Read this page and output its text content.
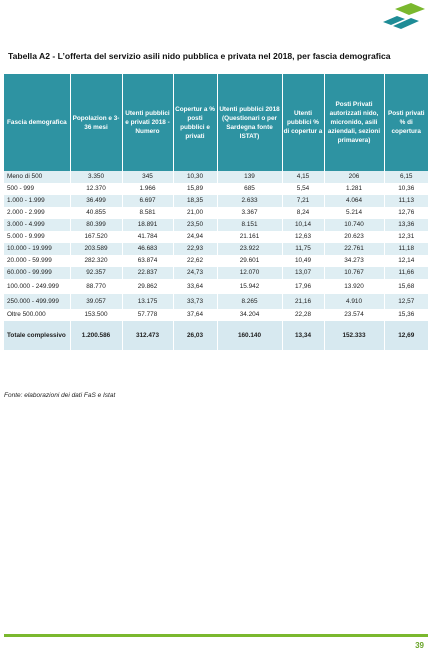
Tabella A2 - L’offerta del servizio asili nido pubblica e privata nel 2018, per fascia demografica
Fascia demografica	Popolazion e 3-36 mesi	Utenti pubblici e privati 2018 - Numero	Copertur a % posti pubblici e privati	Utenti pubblici 2018 (Questionari o per Sardegna fonte ISTAT)	Utenti pubblici % di copertur a	Posti Privati autorizzati nido, micronido, asili aziendali, sezioni primavera)	Posti privati % di copertura
Meno di 500	3.350	345	10,30	139	4,15	206	6,15
500 - 999	12.370	1.966	15,89	685	5,54	1.281	10,36
1.000 - 1.999	36.499	6.697	18,35	2.633	7,21	4.064	11,13
2.000 - 2.999	40.855	8.581	21,00	3.367	8,24	5.214	12,76
3.000 - 4.999	80.399	18.891	23,50	8.151	10,14	10.740	13,36
5.000 - 9.999	167.520	41.784	24,94	21.161	12,63	20.623	12,31
10.000 - 19.999	203.589	46.683	22,93	23.922	11,75	22.761	11,18
20.000 - 59.999	282.320	63.874	22,62	29.601	10,49	34.273	12,14
60.000 - 99.999	92.357	22.837	24,73	12.070	13,07	10.767	11,66
100.000 - 249.999	88.770	29.862	33,64	15.942	17,96	13.920	15,68
250.000 - 499.999	39.057	13.175	33,73	8.265	21,16	4.910	12,57
Oltre 500.000	153.500	57.778	37,64	34.204	22,28	23.574	15,36
Totale complessivo	1.200.586	312.473	26,03	160.140	13,34	152.333	12,69
Fonte: elaborazioni dei dati FaS e Istat
39
